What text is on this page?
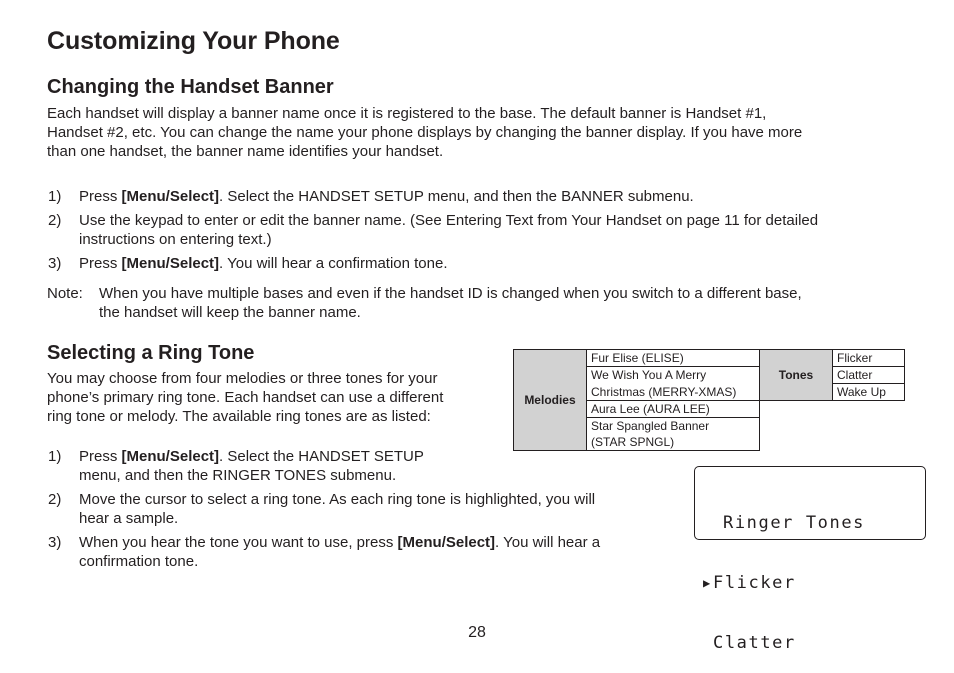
Customizing Your Phone
Changing the Handset Banner
Each handset will display a banner name once it is registered to the base. The default banner is Handset #1,
Handset #2, etc. You can change the name your phone displays by changing the banner display. If you have more
than one handset, the banner name identifies your handset.
1)	Press [Menu/Select]. Select the HANDSET SETUP menu, and then the BANNER submenu.
2)	Use the keypad to enter or edit the banner name. (See Entering Text from Your Handset on page 11 for detailed
instructions on entering text.)
3)	Press [Menu/Select]. You will hear a confirmation tone.
Note:	When you have multiple bases and even if the handset ID is changed when you switch to a different base,
the handset will keep the banner name.
Selecting a Ring Tone
You may choose from four melodies or three tones for your
phone’s primary ring tone. Each handset can use a different
ring tone or melody. The available ring tones are as listed:
1)	Press [Menu/Select]. Select the HANDSET SETUP
menu, and then the RINGER TONES submenu.
2)	Move the cursor to select a ring tone. As each ring tone is highlighted, you will
hear a sample.
3)	When you hear the tone you want to use, press [Menu/Select]. You will hear a
confirmation tone.
Melodies	Fur Elise (ELISE)	Tones	Flicker
	We Wish You A Merry		Clatter
	Christmas (MERRY-XMAS)		Wake Up
	Aura Lee (AURA LEE)		
	Star Spangled Banner		
	(STAR SPNGL)		

Ringer Tones

▶ Flicker

Clatter

28
